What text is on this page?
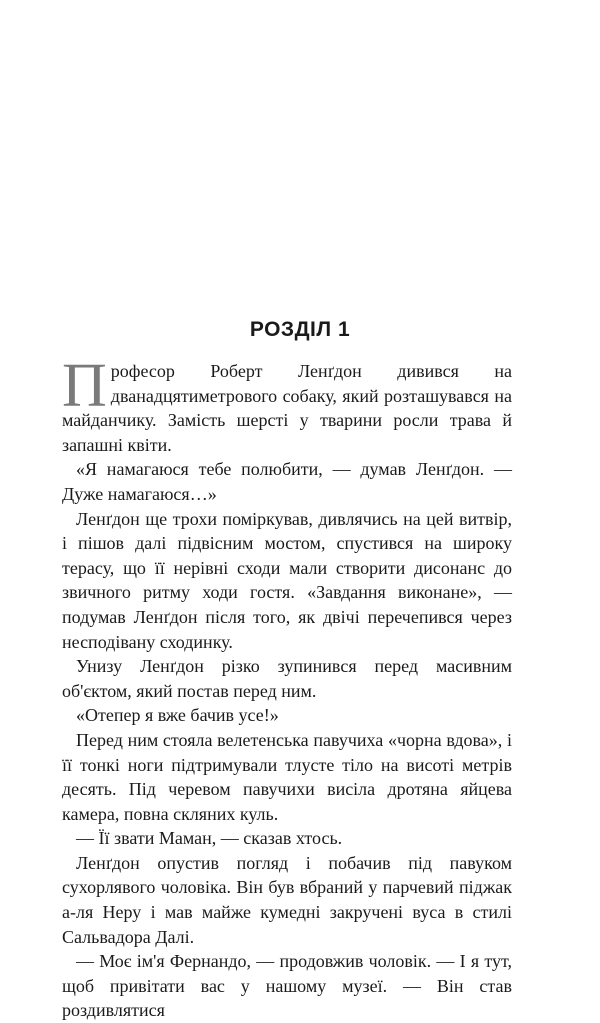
РОЗДІЛ 1

Професор Роберт Ленґдон дивився на дванадцятиметрового собаку, який розташувався на майданчику. Замість шерсті у тварини росли трава й запашні квіти.

«Я намагаюся тебе полюбити, — думав Ленґдон. — Дуже намагаюся…»

Ленґдон ще трохи поміркував, дивлячись на цей витвір, і пішов далі підвісним мостом, спустився на широку терасу, що її нерівні сходи мали створити дисонанс до звичного ритму ходи гостя. «Завдання виконане», — подумав Ленґдон після того, як двічі перечепився через несподівану сходинку.

Унизу Ленґдон різко зупинився перед масивним об'єктом, який постав перед ним.

«Отепер я вже бачив усе!»

Перед ним стояла велетенська павучиха «чорна вдова», і її тонкі ноги підтримували тлусте тіло на висоті метрів десять. Під черевом павучихи висіла дротяна яйцева камера, повна скляних куль.

— Її звати Маман, — сказав хтось.

Ленґдон опустив погляд і побачив під павуком сухорлявого чоловіка. Він був вбраний у парчевий піджак а-ля Неру і мав майже кумедні закручені вуса в стилі Сальвадора Далі.

— Моє ім'я Фернандо, — продовжив чоловік. — І я тут, щоб привітати вас у нашому музеї. — Він став роздивлятися
